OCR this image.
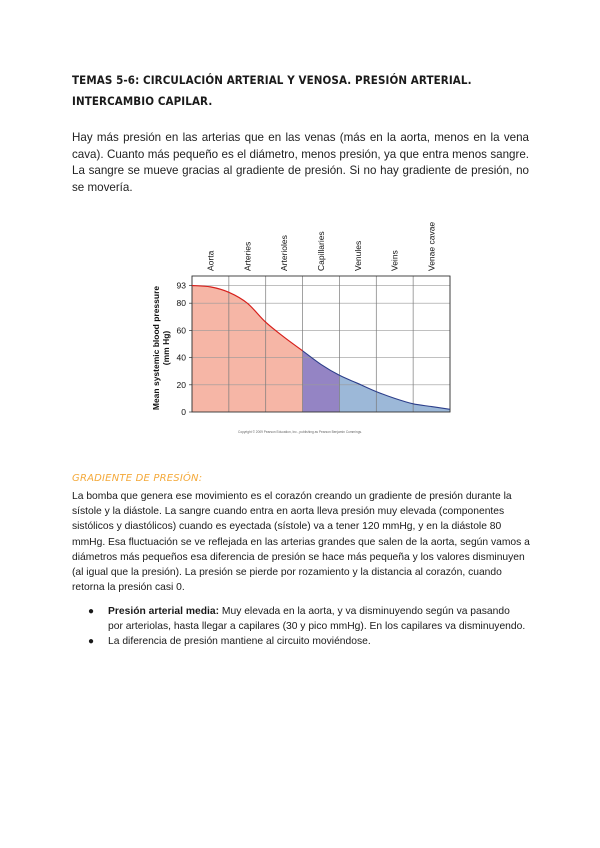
TEMAS 5-6: CIRCULACIÓN ARTERIAL Y VENOSA. PRESIÓN ARTERIAL. INTERCAMBIO CAPILAR.

Hay más presión en las arterias que en las venas (más en la aorta, menos en la vena cava). Cuanto más pequeño es el diámetro, menos presión, ya que entra menos sangre. La sangre se mueve gracias al gradiente de presión. Si no hay gradiente de presión, no se movería.

Aorta	Arteries	Arterioles	Capillaries	Venules	Veins	Venae cavae
0
20
40
60
80
93
Mean systemic blood pressure (mm Hg)
Copyright © 2009 Pearson Education, Inc., publishing as Pearson Benjamin Cummings.
GRADIENTE DE PRESIÓN:

La bomba que genera ese movimiento es el corazón creando un gradiente de presión durante la sístole y la diástole. La sangre cuando entra en aorta lleva presión muy elevada (componentes sistólicos y diastólicos) cuando es eyectada (sístole) va a tener 120 mmHg, y en la diástole 80 mmHg. Esa fluctuación se ve reflejada en las arterias grandes que salen de la aorta, según vamos a diámetros más pequeños esa diferencia de presión se hace más pequeña y los valores disminuyen (al igual que la presión). La presión se pierde por rozamiento y la distancia al corazón, cuando retorna la presión casi 0.

● Presión arterial media: Muy elevada en la aorta, y va disminuyendo según va pasando por arteriolas, hasta llegar a capilares (30 y pico mmHg). En los capilares va disminuyendo.
● La diferencia de presión mantiene al circuito moviéndose.
